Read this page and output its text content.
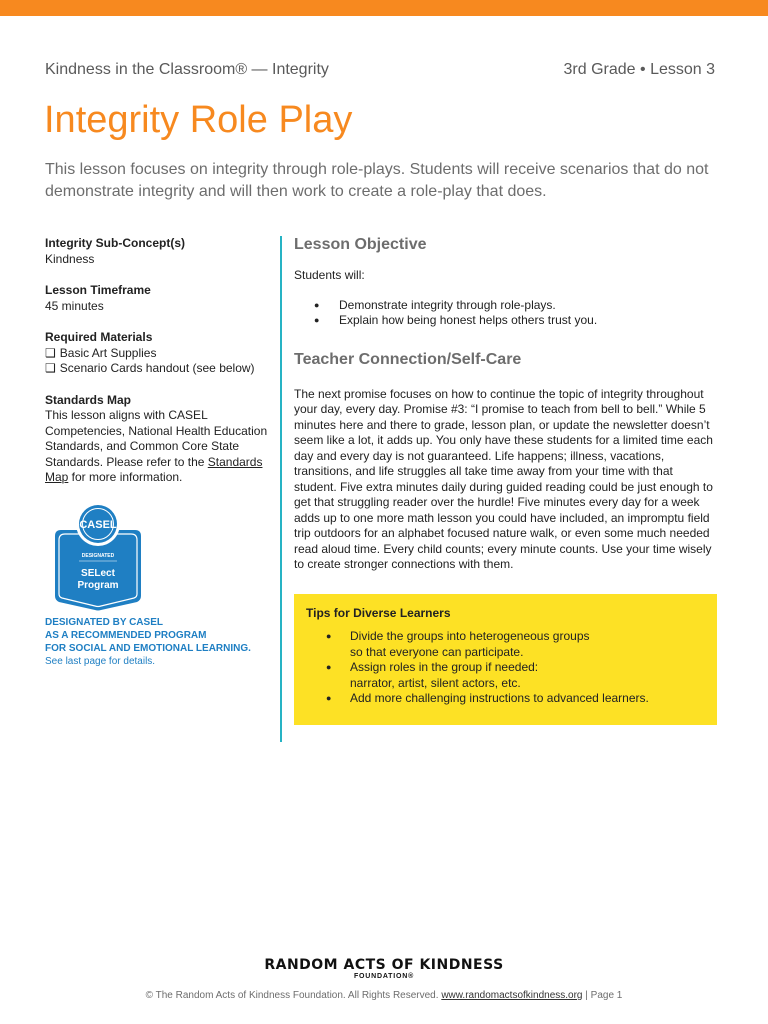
Kindness in the Classroom® — Integrity	3rd Grade • Lesson 3
Integrity Role Play

This lesson focuses on integrity through role-plays. Students will receive scenarios that do not demonstrate integrity and will then work to create a role-play that does.

Integrity Sub-Concept(s)
Kindness
Lesson Timeframe
45 minutes
Required Materials
❑ Basic Art Supplies
❑ Scenario Cards handout (see below)
Standards Map
This lesson aligns with CASEL Competencies, National Health Education Standards, and Common Core State Standards. Please refer to the Standards Map for more information.
CASEL
DESIGNATED
SELect
Program
DESIGNATED BY CASEL
AS A RECOMMENDED PROGRAM
FOR SOCIAL AND EMOTIONAL LEARNING.
See last page for details.
Lesson Objective

Students will:

● Demonstrate integrity through role-plays.
● Explain how being honest helps others trust you.
Teacher Connection/Self-Care

The next promise focuses on how to continue the topic of integrity throughout your day, every day. Promise #3: “I promise to teach from bell to bell.” While 5 minutes here and there to grade, lesson plan, or update the newsletter doesn’t seem like a lot, it adds up. You only have these students for a limited time each day and every day is not guaranteed. Life happens; illness, vacations, transitions, and life struggles all take time away from your time with that student. Five extra minutes daily during guided reading could be just enough to get that struggling reader over the hurdle! Five minutes every day for a week adds up to one more math lesson you could have included, an impromptu field trip outdoors for an alphabet focused nature walk, or even some much needed read aloud time. Every child counts; every minute counts. Use your time wisely to create stronger connections with them.

Tips for Diverse Learners
● Divide the groups into heterogeneous groups
so that everyone can participate.
● Assign roles in the group if needed:
narrator, artist, silent actors, etc.
● Add more challenging instructions to advanced learners.
RANDOM ACTS OF KINDNESS
FOUNDATION®
© The Random Acts of Kindness Foundation. All Rights Reserved. www.randomactsofkindness.org | Page 1
